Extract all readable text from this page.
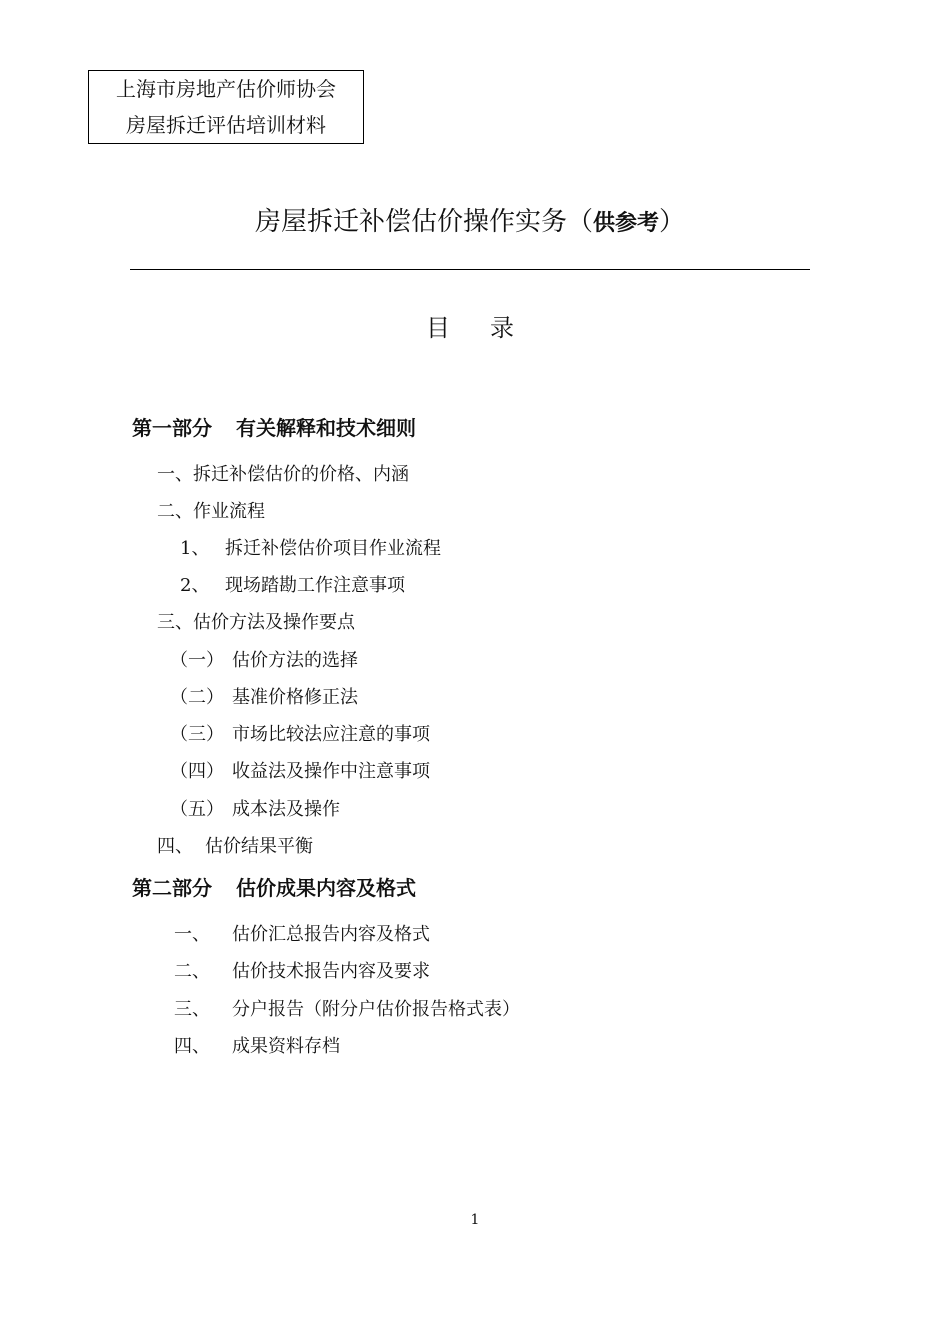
上海市房地产估价师协会
房屋拆迁评估培训材料
房屋拆迁补偿估价操作实务（供参考）
目录
第一部分 有关解释和技术细则
一、拆迁补偿估价的价格、内涵
二、作业流程
1、 拆迁补偿估价项目作业流程
2、 现场踏勘工作注意事项
三、估价方法及操作要点
（一） 估价方法的选择
（二） 基准价格修正法
（三） 市场比较法应注意的事项
（四） 收益法及操作中注意事项
（五） 成本法及操作
四、 估价结果平衡
第二部分 估价成果内容及格式
一、 估价汇总报告内容及格式
二、 估价技术报告内容及要求
三、 分户报告（附分户估价报告格式表）
四、 成果资料存档
1
